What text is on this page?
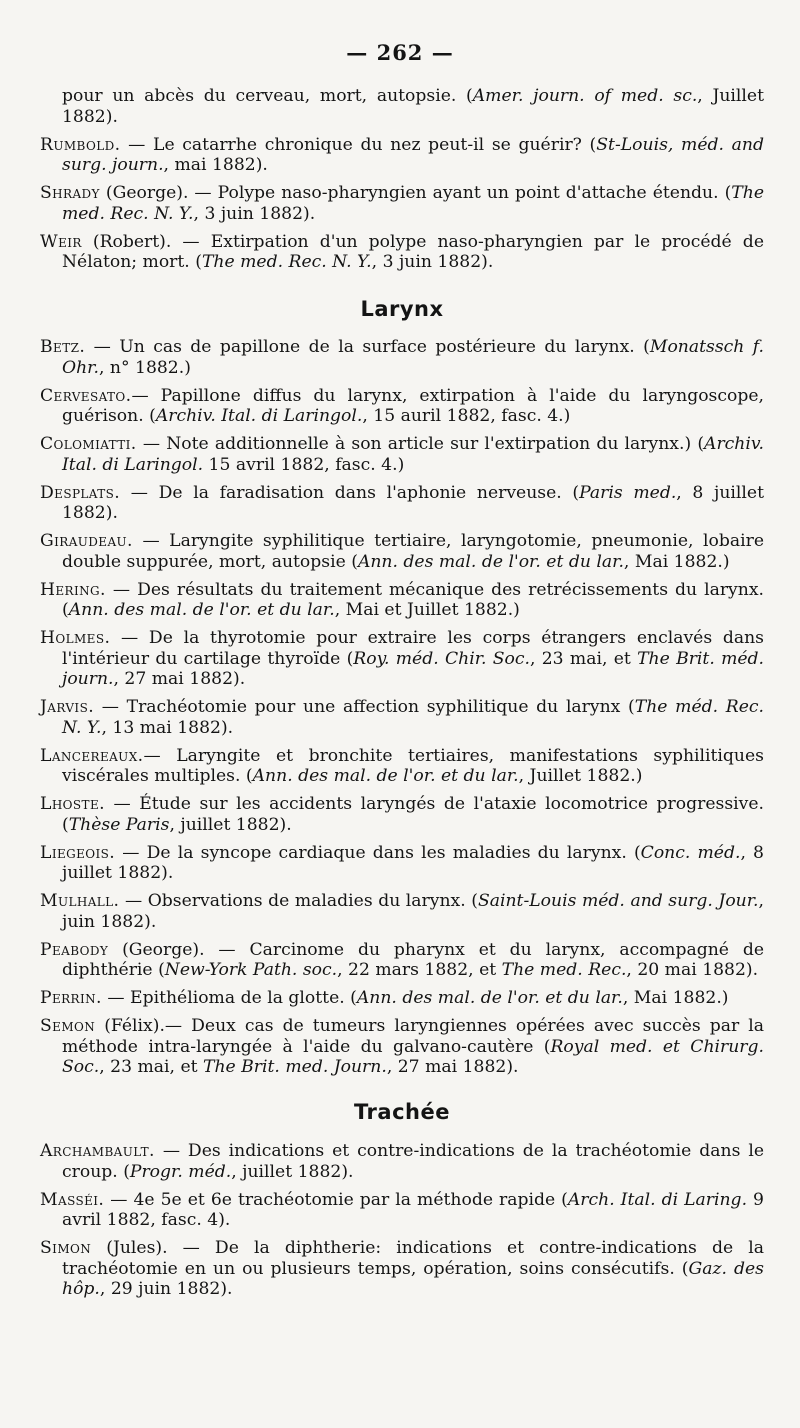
— 262 —
pour un abcès du cerveau, mort, autopsie. (Amer. journ. of med. sc., Juillet 1882).
Rumbold. — Le catarrhe chronique du nez peut-il se guérir? (St-Louis, méd. and surg. journ., mai 1882).
Shrady (George). — Polype naso-pharyngien ayant un point d'attache étendu. (The med. Rec. N. Y., 3 juin 1882).
Weir (Robert). — Extirpation d'un polype naso-pharyngien par le procédé de Nélaton; mort. (The med. Rec. N. Y., 3 juin 1882).
Larynx
Betz. — Un cas de papillone de la surface postérieure du larynx. (Monatssch f. Ohr., n° 1882.)
Cervesato.— Papillone diffus du larynx, extirpation à l'aide du laryngoscope, guérison. (Archiv. Ital. di Laringol., 15 auril 1882, fasc. 4.)
Colomiatti. — Note additionnelle à son article sur l'extirpation du larynx.) (Archiv. Ital. di Laringol. 15 avril 1882, fasc. 4.)
Desplats. — De la faradisation dans l'aphonie nerveuse. (Paris med., 8 juillet 1882).
Giraudeau. — Laryngite syphilitique tertiaire, laryngotomie, pneumonie, lobaire double suppurée, mort, autopsie (Ann. des mal. de l'or. et du lar., Mai 1882.)
Hering. — Des résultats du traitement mécanique des retrécissements du larynx. (Ann. des mal. de l'or. et du lar., Mai et Juillet 1882.)
Holmes. — De la thyrotomie pour extraire les corps étrangers enclavés dans l'intérieur du cartilage thyroïde (Roy. méd. Chir. Soc., 23 mai, et The Brit. méd. journ., 27 mai 1882).
Jarvis. — Trachéotomie pour une affection syphilitique du larynx (The méd. Rec. N. Y., 13 mai 1882).
Lancereaux.— Laryngite et bronchite tertiaires, manifestations syphilitiques viscérales multiples. (Ann. des mal. de l'or. et du lar., Juillet 1882.)
Lhoste. — Étude sur les accidents laryngés de l'ataxie locomotrice progressive. (Thèse Paris, juillet 1882).
Liegeois. — De la syncope cardiaque dans les maladies du larynx. (Conc. méd., 8 juillet 1882).
Mulhall. — Observations de maladies du larynx. (Saint-Louis méd. and surg. Jour., juin 1882).
Peabody (George). — Carcinome du pharynx et du larynx, accompagné de diphthérie (New-York Path. soc., 22 mars 1882, et The med. Rec., 20 mai 1882).
Perrin. — Epithélioma de la glotte. (Ann. des mal. de l'or. et du lar., Mai 1882.)
Semon (Félix).— Deux cas de tumeurs laryngiennes opérées avec succès par la méthode intra-laryngée à l'aide du galvano-cautère (Royal med. et Chirurg. Soc., 23 mai, et The Brit. med. Journ., 27 mai 1882).
Trachée
Archambault. — Des indications et contre-indications de la trachéotomie dans le croup. (Progr. méd., juillet 1882).
Masséi. — 4e 5e et 6e trachéotomie par la méthode rapide (Arch. Ital. di Laring. 9 avril 1882, fasc. 4).
Simon (Jules). — De la diphtherie: indications et contre-indications de la trachéotomie en un ou plusieurs temps, opération, soins consécutifs. (Gaz. des hôp., 29 juin 1882).
